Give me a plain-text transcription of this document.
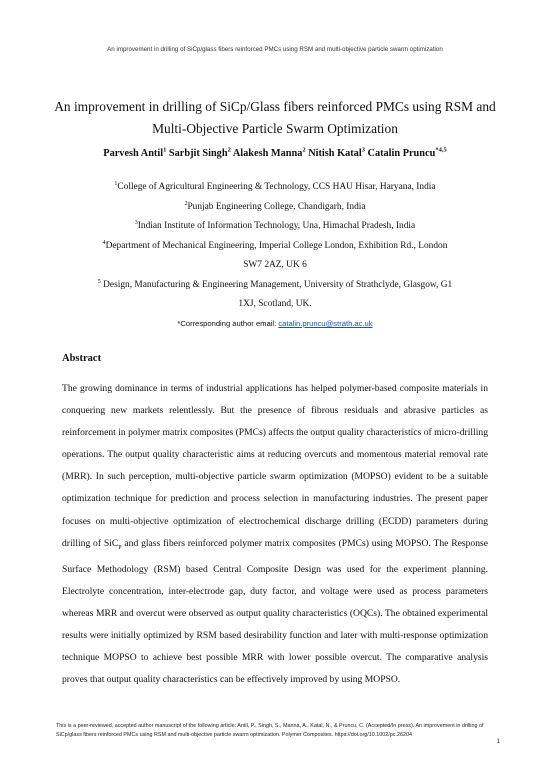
An improvement in drilling of SiCp/glass fibers reinforced PMCs using RSM and multi-objective particle swarm optimization
An improvement in drilling of SiCp/Glass fibers reinforced PMCs using RSM and
Multi-Objective Particle Swarm Optimization
Parvesh Antil$^1$ Sarbjit Singh$^2$ Alakesh Manna$^2$ Nitish Katal$^3$ Catalin Pruncu$^{*4,5}$
$^1$College of Agricultural Engineering & Technology, CCS HAU Hisar, Haryana, India
$^2$Punjab Engineering College, Chandigarh, India
$^3$Indian Institute of Information Technology, Una, Himachal Pradesh, India
$^4$Department of Mechanical Engineering, Imperial College London, Exhibition Rd., London
SW7 2AZ, UK 6
$^5$ Design, Manufacturing & Engineering Management, University of Strathclyde, Glasgow, G1
1XJ, Scotland, UK.
*Corresponding author email: catalin.pruncu@strath.ac.uk
Abstract
The growing dominance in terms of industrial applications has helped polymer-based composite materials in conquering new markets relentlessly. But the presence of fibrous residuals and abrasive particles as reinforcement in polymer matrix composites (PMCs) affects the output quality characteristics of micro-drilling operations. The output quality characteristic aims at reducing overcuts and momentous material removal rate (MRR). In such perception, multi-objective particle swarm optimization (MOPSO) evident to be a suitable optimization technique for prediction and process selection in manufacturing industries. The present paper focuses on multi-objective optimization of electrochemical discharge drilling (ECDD) parameters during drilling of SiC$_P$ and glass fibers reinforced polymer matrix composites (PMCs) using MOPSO. The Response Surface Methodology (RSM) based Central Composite Design was used for the experiment planning. Electrolyte concentration, inter-electrode gap, duty factor, and voltage were used as process parameters whereas MRR and overcut were observed as output quality characteristics (OQCs). The obtained experimental results were initially optimized by RSM based desirability function and later with multi-response optimization technique MOPSO to achieve best possible MRR with lower possible overcut. The comparative analysis proves that output quality characteristics can be effectively improved by using MOPSO.
This is a peer-reviewed, accepted author manuscript of the following article: Antil, P., Singh, S., Manna, A., Katal, N., & Pruncu, C. (Accepted/In press). An improvement in drilling of SiCp/glass fibers reinforced PMCs using RSM and multi-objective particle swarm optimization. Polymer Composites. https://doi.org/10.1002/pc.26204
1
